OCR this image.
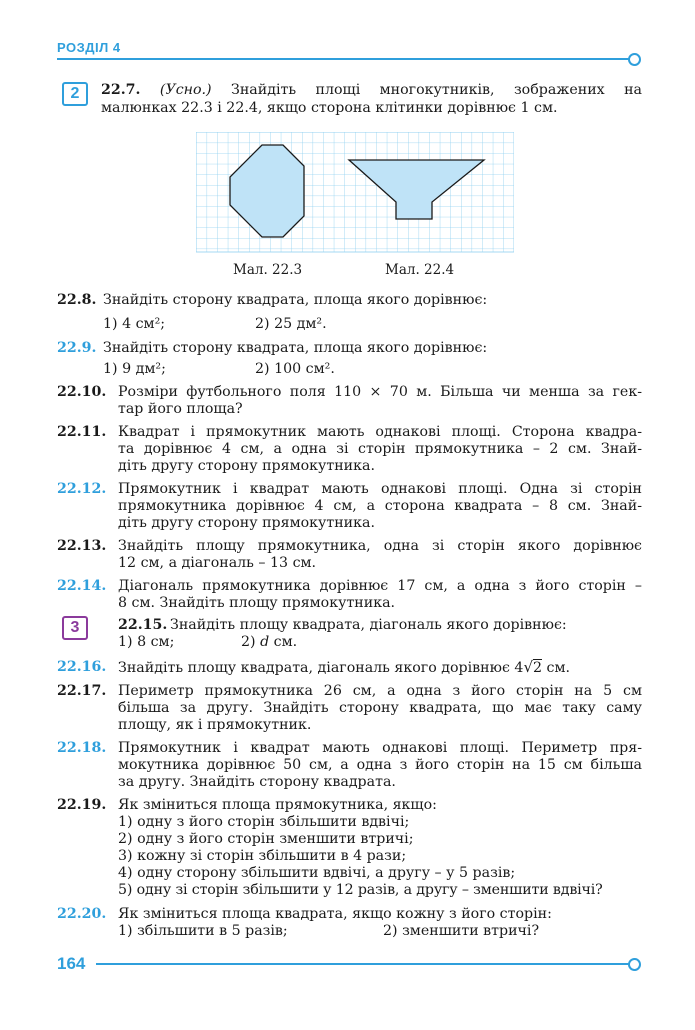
РОЗДІЛ 4
2	22.7.	(Усно.) Знайдіть площі многокутників, зображених на
малюнках 22.3 і 22.4, якщо сторона клітинки дорівнює 1 см.
Мал. 22.3	Мал. 22.4
22.8. Знайдіть сторону квадрата, площа якого дорівнює:
1) 4 см²;	2) 25 дм².
22.9. Знайдіть сторону квадрата, площа якого дорівнює:
1) 9 дм²;	2) 100 см².
22.10. Розміри футбольного поля 110 × 70 м. Більша чи менша за гек-
тар його площа?
22.11. Квадрат і прямокутник мають однакові площі. Сторона квадра-
та дорівнює 4 см, а одна зі сторін прямокутника – 2 см. Знай-
діть другу сторону прямокутника.
22.12. Прямокутник і квадрат мають однакові площі. Одна зі сторін
прямокутника дорівнює 4 см, а сторона квадрата – 8 см. Знай-
діть другу сторону прямокутника.
22.13. Знайдіть площу прямокутника, одна зі сторін якого дорівнює
12 см, а діагональ – 13 см.
22.14. Діагональ прямокутника дорівнює 17 см, а одна з його сторін –
8 см. Знайдіть площу прямокутника.
3	22.15. Знайдіть площу квадрата, діагональ якого дорівнює:
1) 8 см;	2) d см.
22.16. Знайдіть площу квадрата, діагональ якого дорівнює 4√2 см.
22.17. Периметр прямокутника 26 см, а одна з його сторін на 5 см
більша за другу. Знайдіть сторону квадрата, що має таку саму
площу, як і прямокутник.
22.18. Прямокутник і квадрат мають однакові площі. Периметр пря-
мокутника дорівнює 50 см, а одна з його сторін на 15 см більша
за другу. Знайдіть сторону квадрата.
22.19. Як зміниться площа прямокутника, якщо:
1) одну з його сторін збільшити вдвічі;
2) одну з його сторін зменшити втричі;
3) кожну зі сторін збільшити в 4 рази;
4) одну сторону збільшити вдвічі, а другу – у 5 разів;
5) одну зі сторін збільшити у 12 разів, а другу – зменшити вдвічі?
22.20. Як зміниться площа квадрата, якщо кожну з його сторін:
1) збільшити в 5 разів;	2) зменшити втричі?
164
